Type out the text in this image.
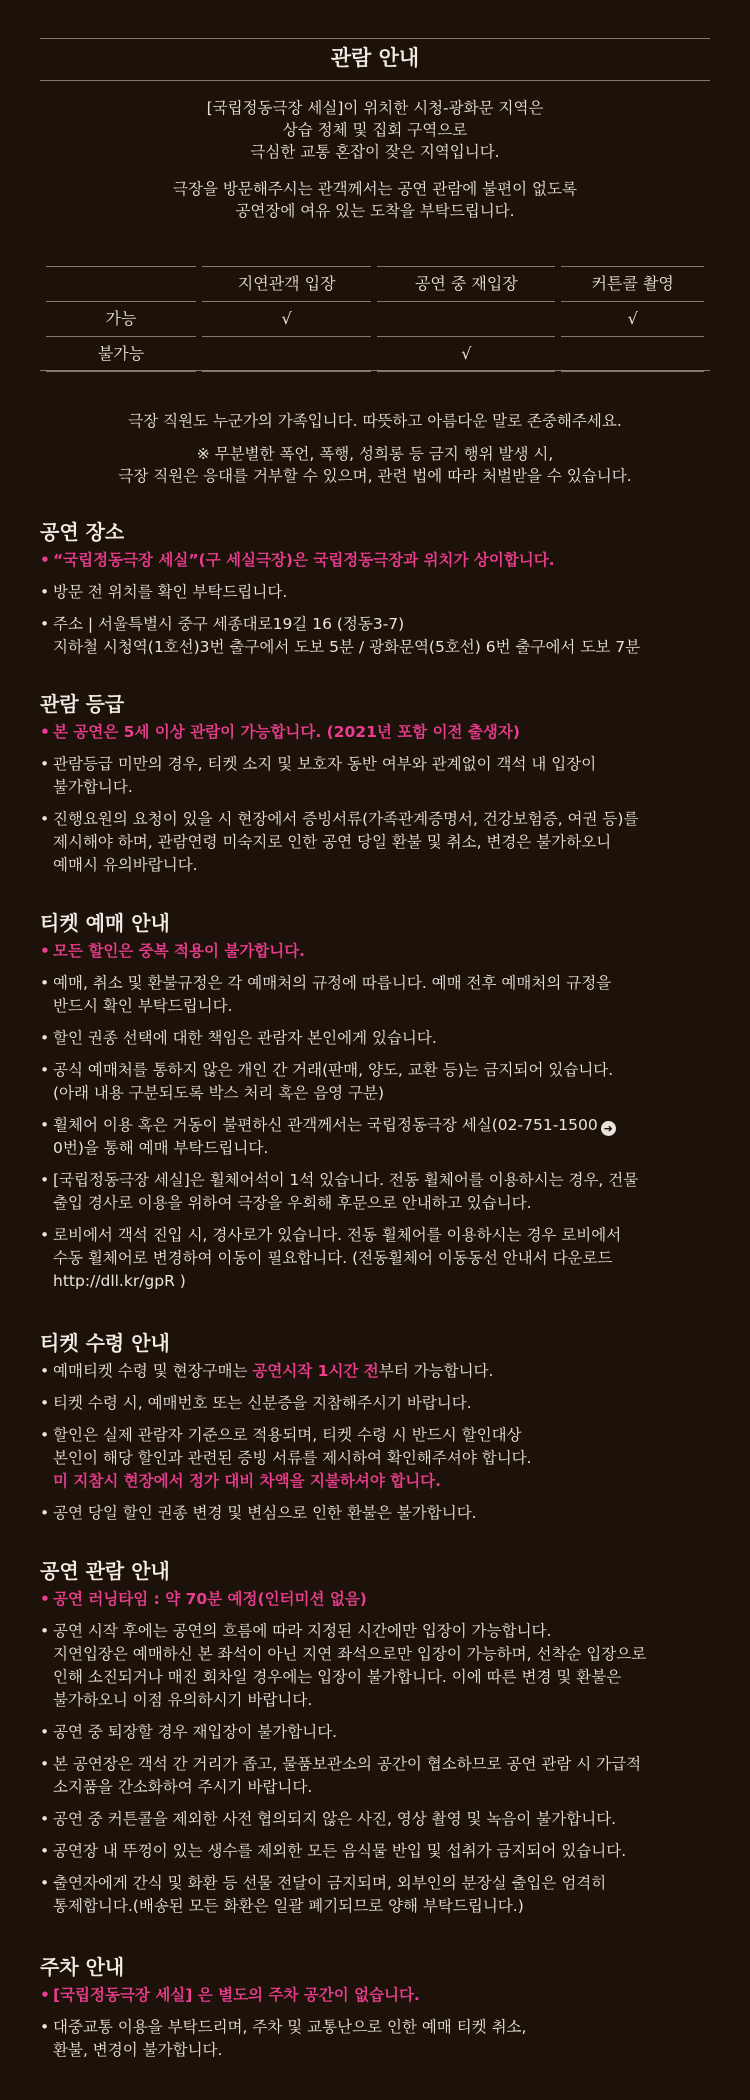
관람 안내

[국립정동극장 세실]이 위치한 시청-광화문 지역은

상습 정체 및 집회 구역으로

극심한 교통 혼잡이 잦은 지역입니다.

극장을 방문해주시는 관객께서는 공연 관람에 불편이 없도록

공연장에 여유 있는 도착을 부탁드립니다.

	지연관객 입장	공연 중 재입장	커튼콜 촬영
가능	√		√
불가능		√	

극장 직원도 누군가의 가족입니다. 따뜻하고 아름다운 말로 존중해주세요.

※ 무분별한 폭언, 폭행, 성희롱 등 금지 행위 발생 시,

극장 직원은 응대를 거부할 수 있으며, 관련 법에 따라 처벌받을 수 있습니다.

공연 장소
• “국립정동극장 세실”(구 세실극장)은 국립정동극장과 위치가 상이합니다.
• 방문 전 위치를 확인 부탁드립니다.
• 주소 | 서울특별시 중구 세종대로19길 16 (정동3-7)
지하철 시청역(1호선)3번 출구에서 도보 5분 / 광화문역(5호선) 6번 출구에서 도보 7분
관람 등급
• 본 공연은 5세 이상 관람이 가능합니다. (2021년 포함 이전 출생자)
• 관람등급 미만의 경우, 티켓 소지 및 보호자 동반 여부와 관계없이 객석 내 입장이
불가합니다.
• 진행요원의 요청이 있을 시 현장에서 증빙서류(가족관계증명서, 건강보험증, 여권 등)를
제시해야 하며, 관람연령 미숙지로 인한 공연 당일 환불 및 취소, 변경은 불가하오니
예매시 유의바랍니다.
티켓 예매 안내
• 모든 할인은 중복 적용이 불가합니다.
• 예매, 취소 및 환불규정은 각 예매처의 규정에 따릅니다. 예매 전후 예매처의 규정을
반드시 확인 부탁드립니다.
• 할인 권종 선택에 대한 책임은 관람자 본인에게 있습니다.
• 공식 예매처를 통하지 않은 개인 간 거래(판매, 양도, 교환 등)는 금지되어 있습니다.
(아래 내용 구분되도록 박스 처리 혹은 음영 구분)
• 휠체어 이용 혹은 거동이 불편하신 관객께서는 국립정동극장 세실(02-751-1500 ➜
0번)을 통해 예매 부탁드립니다.
• [국립정동극장 세실]은 휠체어석이 1석 있습니다. 전동 휠체어를 이용하시는 경우, 건물
출입 경사로 이용을 위하여 극장을 우회해 후문으로 안내하고 있습니다.
• 로비에서 객석 진입 시, 경사로가 있습니다. 전동 휠체어를 이용하시는 경우 로비에서
수동 휠체어로 변경하여 이동이 필요합니다. (전동휠체어 이동동선 안내서 다운로드
http://dll.kr/gpR )
티켓 수령 안내
• 예매티켓 수령 및 현장구매는 공연시작 1시간 전부터 가능합니다.
• 티켓 수령 시, 예매번호 또는 신분증을 지참해주시기 바랍니다.
• 할인은 실제 관람자 기준으로 적용되며, 티켓 수령 시 반드시 할인대상
본인이 해당 할인과 관련된 증빙 서류를 제시하여 확인해주셔야 합니다.
미 지참시 현장에서 정가 대비 차액을 지불하셔야 합니다.
• 공연 당일 할인 권종 변경 및 변심으로 인한 환불은 불가합니다.
공연 관람 안내
• 공연 러닝타임 : 약 70분 예정(인터미션 없음)
• 공연 시작 후에는 공연의 흐름에 따라 지정된 시간에만 입장이 가능합니다.
지연입장은 예매하신 본 좌석이 아닌 지연 좌석으로만 입장이 가능하며, 선착순 입장으로
인해 소진되거나 매진 회차일 경우에는 입장이 불가합니다. 이에 따른 변경 및 환불은
불가하오니 이점 유의하시기 바랍니다.
• 공연 중 퇴장할 경우 재입장이 불가합니다.
• 본 공연장은 객석 간 거리가 좁고, 물품보관소의 공간이 협소하므로 공연 관람 시 가급적
소지품을 간소화하여 주시기 바랍니다.
• 공연 중 커튼콜을 제외한 사전 협의되지 않은 사진, 영상 촬영 및 녹음이 불가합니다.
• 공연장 내 뚜껑이 있는 생수를 제외한 모든 음식물 반입 및 섭취가 금지되어 있습니다.
• 출연자에게 간식 및 화환 등 선물 전달이 금지되며, 외부인의 분장실 출입은 엄격히
통제합니다.(배송된 모든 화환은 일괄 폐기되므로 양해 부탁드립니다.)
주차 안내
• [국립정동극장 세실] 은 별도의 주차 공간이 없습니다.
• 대중교통 이용을 부탁드리며, 주차 및 교통난으로 인한 예매 티켓 취소,
환불, 변경이 불가합니다.
